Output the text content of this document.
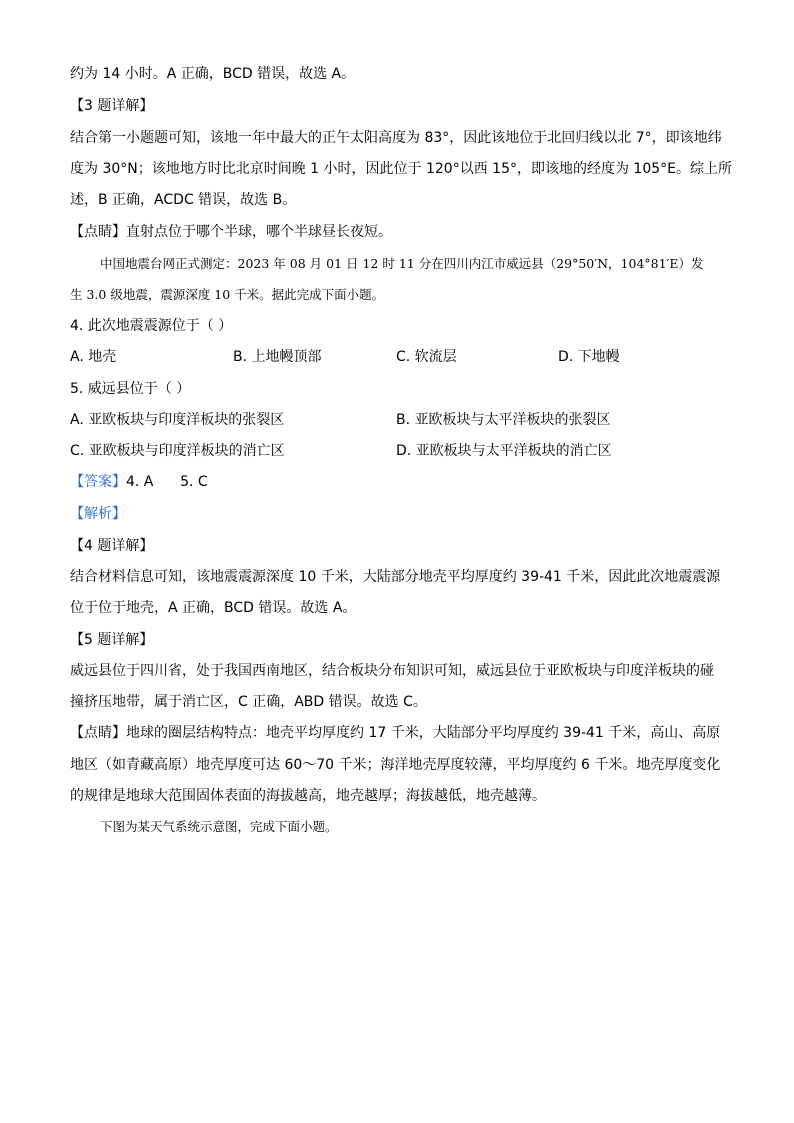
约为 14 小时。A 正确，BCD 错误，故选 A。
【3 题详解】
结合第一小题题可知，该地一年中最大的正午太阳高度为 83°，因此该地位于北回归线以北 7°，即该地纬
度为 30°N；该地地方时比北京时间晚 1 小时，因此位于 120°以西 15°，即该地的经度为 105°E。综上所
述，B 正确，ACDC 错误，故选 B。
【点睛】直射点位于哪个半球，哪个半球昼长夜短。
中国地震台网正式测定：2023 年 08 月 01 日 12 时 11 分在四川内江市威远县（29°50′N，104°81′E）发
生 3.0 级地震，震源深度 10 千米。据此完成下面小题。
4. 此次地震震源位于（ ）
A. 地壳	B. 上地幔顶部	C. 软流层	D. 下地幔
5. 威远县位于（ ）
A. 亚欧板块与印度洋板块的张裂区	B. 亚欧板块与太平洋板块的张裂区
C. 亚欧板块与印度洋板块的消亡区	D. 亚欧板块与太平洋板块的消亡区
【答案】4. A      5. C
【解析】
【4 题详解】
结合材料信息可知，该地震震源深度 10 千米，大陆部分地壳平均厚度约 39-41 千米，因此此次地震震源
位于位于地壳，A 正确，BCD 错误。故选 A。
【5 题详解】
威远县位于四川省，处于我国西南地区，结合板块分布知识可知，威远县位于亚欧板块与印度洋板块的碰
撞挤压地带，属于消亡区，C 正确，ABD 错误。故选 C。
【点睛】地球的圈层结构特点：地壳平均厚度约 17 千米，大陆部分平均厚度约 39-41 千米，高山、高原
地区（如青藏高原）地壳厚度可达 60～70 千米；海洋地壳厚度较薄，平均厚度约 6 千米。地壳厚度变化
的规律是地球大范围固体表面的海拔越高，地壳越厚；海拔越低，地壳越薄。
下图为某天气系统示意图，完成下面小题。
